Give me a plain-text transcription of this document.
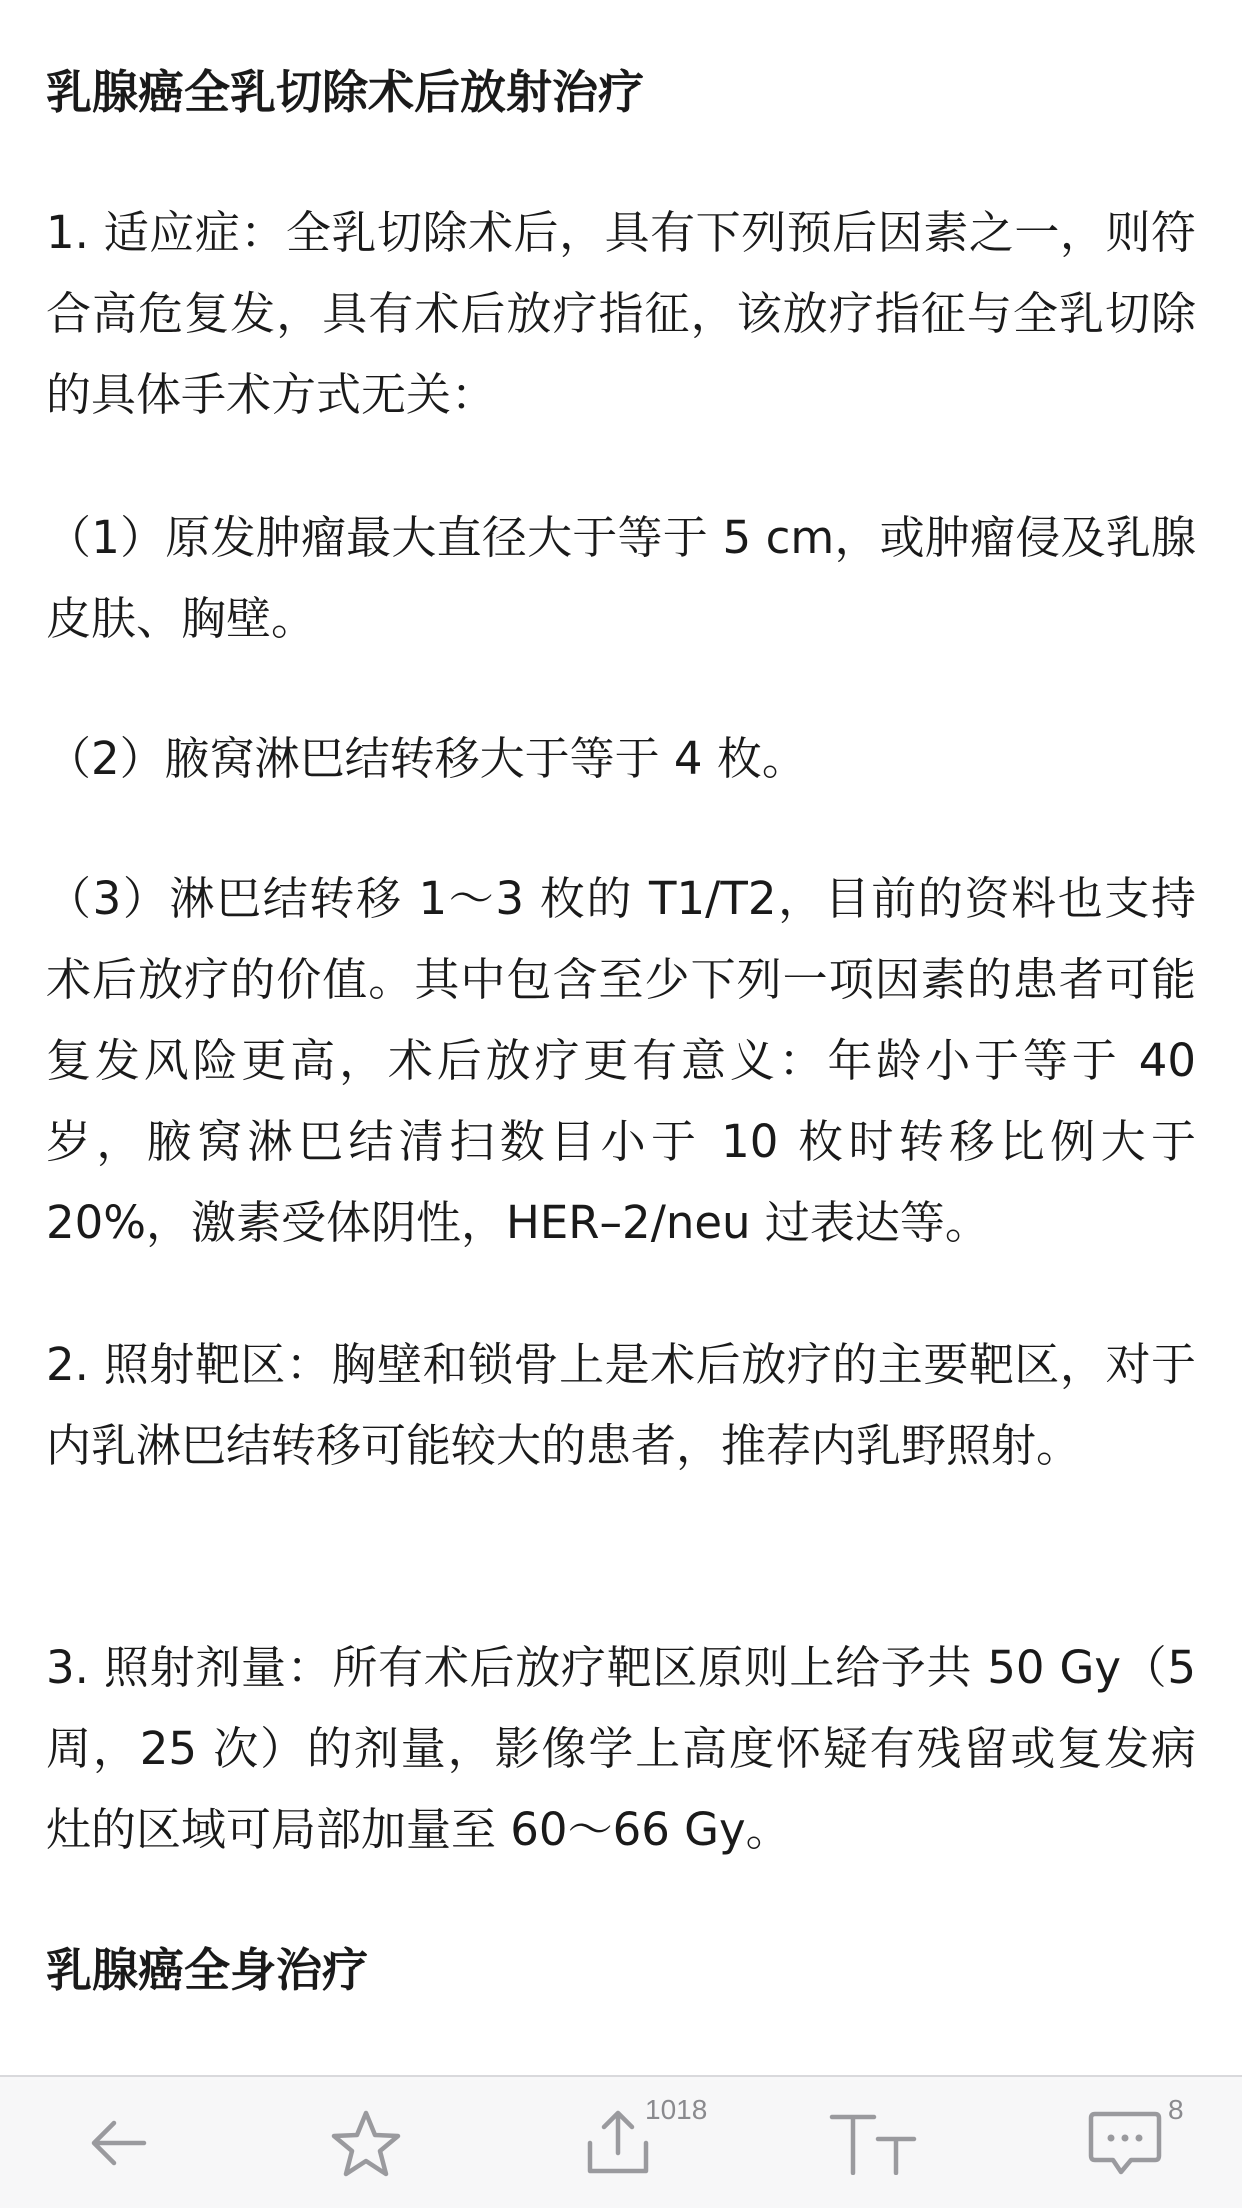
乳腺癌全乳切除术后放射治疗

1. 适应症：全乳切除术后，具有下列预后因素之一，则符合高危复发，具有术后放疗指征，该放疗指征与全乳切除的具体手术方式无关：

（1）原发肿瘤最大直径大于等于 5 cm，或肿瘤侵及乳腺皮肤、胸壁。

（2）腋窝淋巴结转移大于等于 4 枚。

（3）淋巴结转移 1～3 枚的 T1/T2，目前的资料也支持术后放疗的价值。其中包含至少下列一项因素的患者可能复发风险更高，术后放疗更有意义：年龄小于等于 40 岁，腋窝淋巴结清扫数目小于 10 枚时转移比例大于 20%，激素受体阴性，HER–2/neu 过表达等。

2. 照射靶区：胸壁和锁骨上是术后放疗的主要靶区，对于内乳淋巴结转移可能较大的患者，推荐内乳野照射。

3. 照射剂量：所有术后放疗靶区原则上给予共 50 Gy（5 周，25 次）的剂量，影像学上高度怀疑有残留或复发病灶的区域可局部加量至 60～66 Gy。

乳腺癌全身治疗
1018	8
